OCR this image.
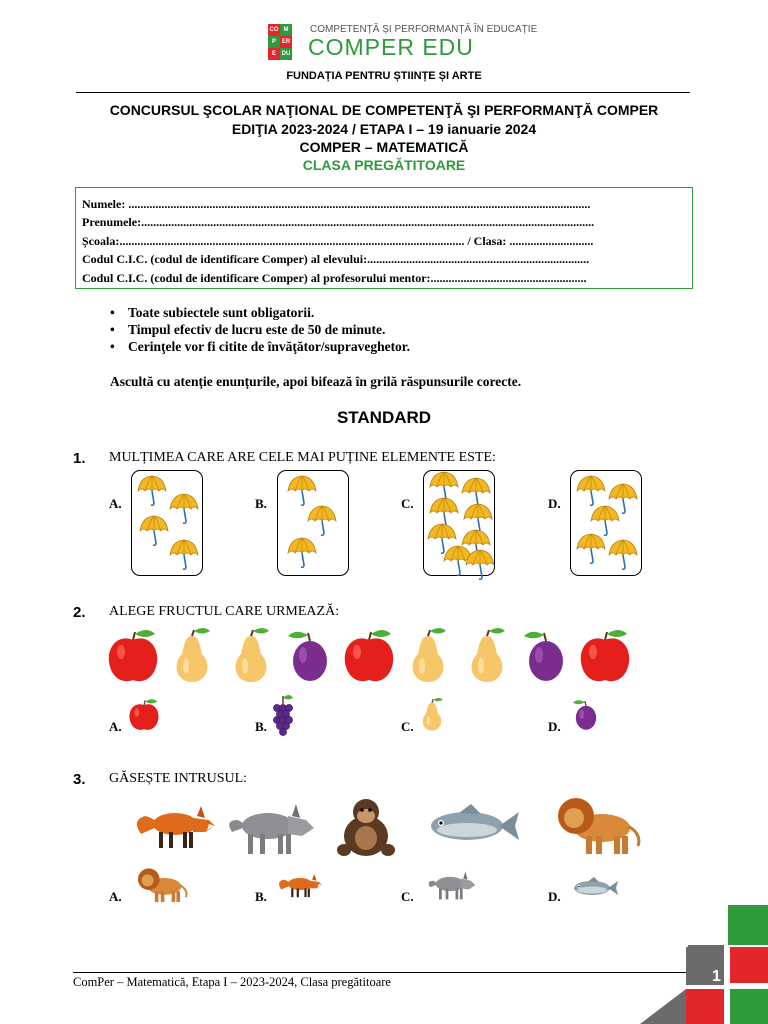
CO M
P ER
E DU
COMPETENȚĂ ȘI PERFORMANȚĂ ÎN EDUCAȚIE
COMPER EDU
FUNDAȚIA PENTRU ȘTIINȚE ȘI ARTE
CONCURSUL ŞCOLAR NAŢIONAL DE COMPETENŢĂ ŞI PERFORMANŢĂ COMPER
EDIŢIA 2023-2024 / ETAPA I – 19 ianuarie 2024
COMPER – MATEMATICĂ
CLASA PREGĂTITOARE
Numele: ..........................................................................................................................................................
Prenumele:.......................................................................................................................................................
Școala:................................................................................................................... / Clasa: ............................
Codul C.I.C. (codul de identificare Comper) al elevului:..........................................................................
Codul C.I.C. (codul de identificare Comper) al profesorului mentor:....................................................
• Toate subiectele sunt obligatorii.
• Timpul efectiv de lucru este de 50 de minute.
• Cerinţele vor fi citite de învăţător/supraveghetor.
Ascultă cu atenție enunțurile, apoi bifează în grilă răspunsurile corecte.
STANDARD
1. MULȚIMEA CARE ARE CELE MAI PUȚINE ELEMENTE ESTE:
A.	B.	C.	D.
2. ALEGE FRUCTUL CARE URMEAZĂ:
A.	B.	C.	D.
3. GĂSEȘTE INTRUSUL:
A.	B.	C.	D.
ComPer – Matematică, Etapa I – 2023-2024, Clasa pregătitoare	1
